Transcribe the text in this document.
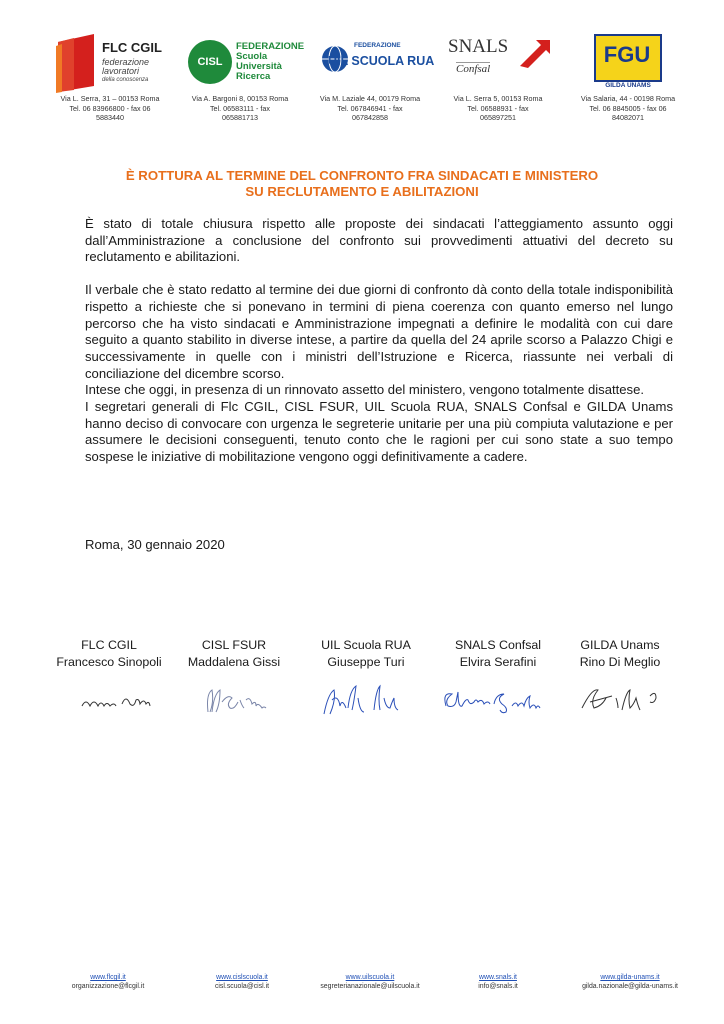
FLC CGIL
federazione
lavoratori
della conoscenza
CISL
FEDERAZIONE
Scuola
Università
Ricerca
FEDERAZIONE
UIL SCUOLA RUA
SNALS
Confsal
FGU
GILDA UNAMS
Via L. Serra, 31 – 00153 Roma
Tel. 06 83966800 - fax 06
5883440
Via A. Bargoni 8, 00153 Roma
Tel. 06583111 - fax
065881713
Via M. Laziale 44, 00179 Roma
Tel. 067846941 - fax
067842858
Via L. Serra 5, 00153 Roma
Tel. 06588931 - fax
065897251
Via Salaria, 44 - 00198 Roma
Tel. 06 8845005 - fax 06
84082071
È ROTTURA AL TERMINE DEL CONFRONTO FRA SINDACATI E MINISTERO
SU RECLUTAMENTO E ABILITAZIONI

È stato di totale chiusura rispetto alle proposte dei sindacati l’atteggiamento assunto oggi dall’Amministrazione a conclusione del confronto sui provvedimenti attuativi del decreto su reclutamento e abilitazioni.

Il verbale che è stato redatto al termine dei due giorni di confronto dà conto della totale indisponibilità rispetto a richieste che si ponevano in termini di piena coerenza con quanto emerso nel lungo percorso che ha visto sindacati e Amministrazione impegnati a definire le modalità con cui dare seguito a quanto stabilito in diverse intese, a partire da quella del 24 aprile scorso a Palazzo Chigi e successivamente in quelle con i ministri dell’Istruzione e Ricerca, riassunte nei verbali di conciliazione del dicembre scorso.

Intese che oggi, in presenza di un rinnovato assetto del ministero, vengono totalmente disattese.

I segretari generali di Flc CGIL, CISL FSUR, UIL Scuola RUA, SNALS Confsal e GILDA Unams hanno deciso di convocare con urgenza le segreterie unitarie per una più compiuta valutazione e per assumere le decisioni conseguenti, tenuto conto che le ragioni per cui sono state a suo tempo sospese le iniziative di mobilitazione vengono oggi definitivamente a cadere.

Roma, 30 gennaio 2020
FLC CGIL
Francesco Sinopoli
CISL FSUR
Maddalena Gissi
UIL Scuola RUA
Giuseppe Turi
SNALS Confsal
Elvira Serafini
GILDA Unams
Rino Di Meglio
www.flcgil.it
organizzazione@flcgil.it
www.cislscuola.it
cisl.scuola@cisl.it
www.uilscuola.it
segreterianazionale@uilscuola.it
www.snals.it
info@snals.it
www.gilda-unams.it
gilda.nazionale@gilda-unams.it
